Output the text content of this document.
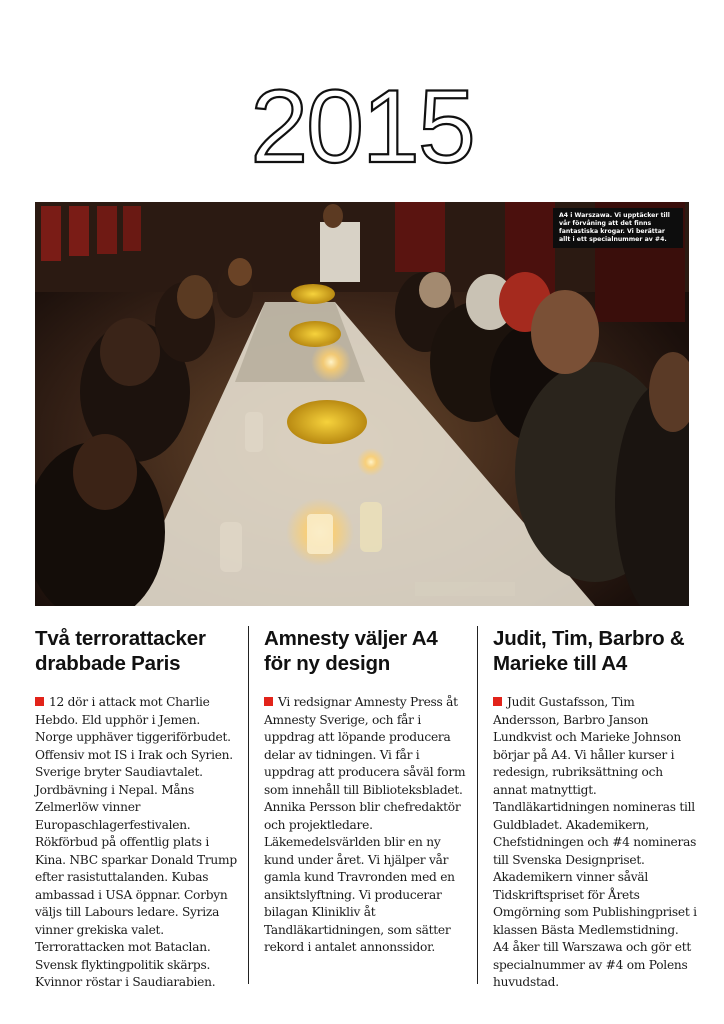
2015
A4 i Warszawa. Vi upptäcker till vår förvåning att det finns fantastiska krogar. Vi berättar allt i ett specialnummer av #4.
Två terrorattacker drabbade Paris

12 dör i attack mot Charlie Hebdo. Eld upphör i Jemen. Norge upphäver tiggeriförbudet. Offensiv mot IS i Irak och Syrien. Sverige bryter Saudiavtalet. Jordbävning i Nepal. Måns Zelmerlöw vinner Europaschlagerfestivalen. Rökförbud på offentlig plats i Kina. NBC sparkar Donald Trump efter rasistuttalanden. Kubas ambassad i USA öppnar. Corbyn väljs till Labours ledare. Syriza vinner grekiska valet. Terrorattacken mot Bataclan. Svensk flyktingpolitik skärps. Kvinnor röstar i Saudiarabien.

Amnesty väljer A4 för ny design

Vi redsignar Amnesty Press åt Amnesty Sverige, och får i uppdrag att löpande producera delar av tidningen. Vi får i uppdrag att producera såväl form som innehåll till Biblioteksbladet. Annika Persson blir chefredaktör och projektledare. Läkemedelsvärlden blir en ny kund under året. Vi hjälper vår gamla kund Travronden med en ansiktslyftning. Vi producerar bilagan Klinikliv åt Tandläkartidningen, som sätter rekord i antalet annonssidor.

Judit, Tim, Barbro & Marieke till A4

Judit Gustafsson, Tim Andersson, Barbro Janson Lundkvist och Marieke Johnson börjar på A4. Vi håller kurser i redesign, rubriksättning och annat matnyttigt. Tandläkartidningen nomineras till Guldbladet. Akademikern, Chefstidningen och #4 nomineras till Svenska Designpriset. Akademikern vinner såväl Tidskriftspriset för Årets Omgörning som Publishingpriset i klassen Bästa Medlemstidning. A4 åker till Warszawa och gör ett specialnummer av #4 om Polens huvudstad.
